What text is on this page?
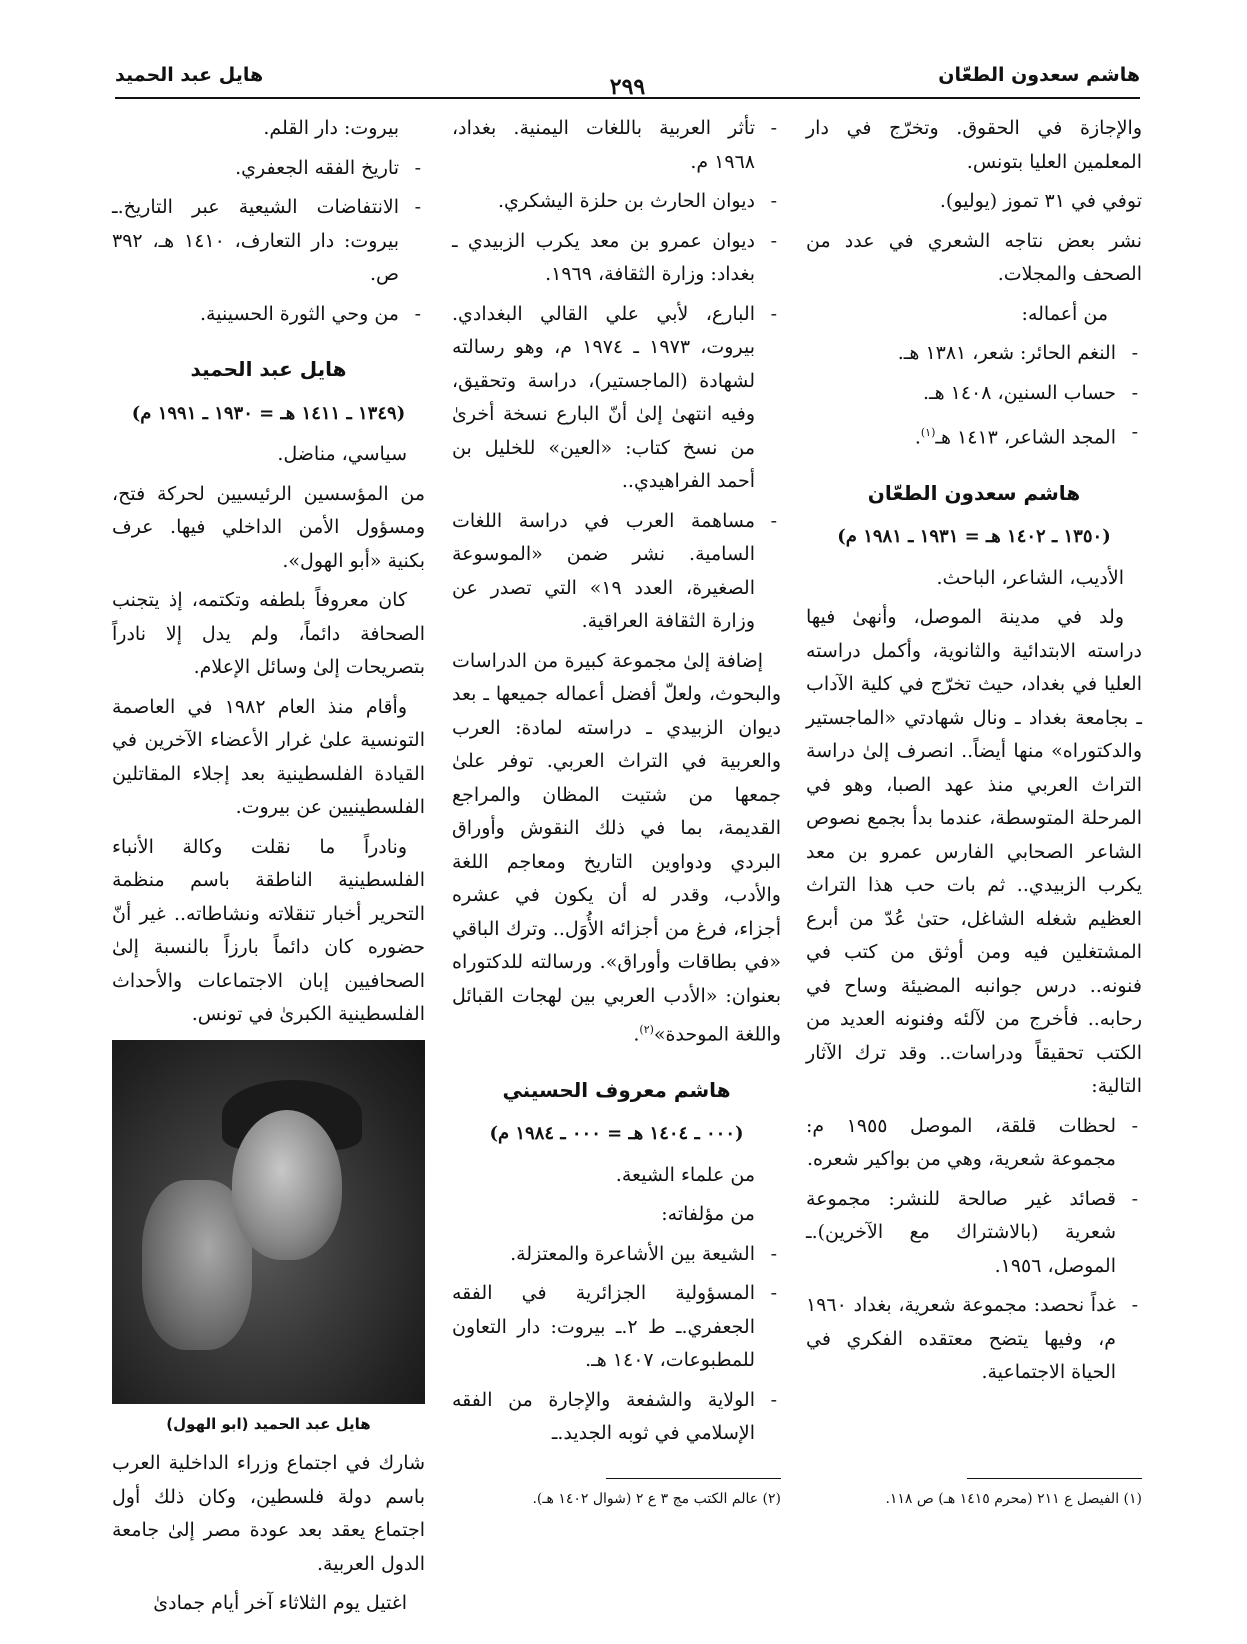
هاشم سعدون الطعّان
٢٩٩
هايل عبد الحميد

والإجازة في الحقوق. وتخرّج في دار المعلمين العليا بتونس.

توفي في ٣١ تموز (يوليو).

نشر بعض نتاجه الشعري في عدد من الصحف والمجلات.

من أعماله:

- النغم الحائر: شعر، ١٣٨١ هـ.
- حساب السنين، ١٤٠٨ هـ.
- المجد الشاعر، ١٤١٣ هـ$^{(١)}$.
هاشم سعدون الطعّان
(١٣٥٠ ـ ١٤٠٢ هـ = ١٩٣١ ـ ١٩٨١ م)

الأديب، الشاعر، الباحث.

ولد في مدينة الموصل، وأنهىٰ فيها دراسته الابتدائية والثانوية، وأكمل دراسته العليا في بغداد، حيث تخرّج في كلية الآداب ـ بجامعة بغداد ـ ونال شهادتي «الماجستير والدكتوراه» منها أيضاً.. انصرف إلىٰ دراسة التراث العربي منذ عهد الصبا، وهو في المرحلة المتوسطة، عندما بدأ بجمع نصوص الشاعر الصحابي الفارس عمرو بن معد يكرب الزبيدي.. ثم بات حب هذا التراث العظيم شغله الشاغل، حتىٰ عُدّ من أبرع المشتغلين فيه ومن أوثق من كتب في فنونه.. درس جوانبه المضيئة وساح في رحابه.. فأخرج من لآلئه وفنونه العديد من الكتب تحقيقاً ودراسات.. وقد ترك الآثار التالية:

- لحظات قلقة، الموصل ١٩٥٥ م: مجموعة شعرية، وهي من بواكير شعره.
- قصائد غير صالحة للنشر: مجموعة شعرية (بالاشتراك مع الآخرين).ـ الموصل، ١٩٥٦.
- غداً نحصد: مجموعة شعرية، بغداد ١٩٦٠ م، وفيها يتضح معتقده الفكري في الحياة الاجتماعية.
- تأثر العربية باللغات اليمنية. بغداد، ١٩٦٨ م.
- ديوان الحارث بن حلزة اليشكري.
- ديوان عمرو بن معد يكرب الزبيدي ـ بغداد: وزارة الثقافة، ١٩٦٩.
- البارع، لأبي علي القالي البغدادي. بيروت، ١٩٧٣ ـ ١٩٧٤ م، وهو رسالته لشهادة (الماجستير)، دراسة وتحقيق، وفيه انتهىٰ إلىٰ أنّ البارع نسخة أخرىٰ من نسخ كتاب: «العين» للخليل بن أحمد الفراهيدي..
- مساهمة العرب في دراسة اللغات السامية. نشر ضمن «الموسوعة الصغيرة، العدد ١٩» التي تصدر عن وزارة الثقافة العراقية.

إضافة إلىٰ مجموعة كبيرة من الدراسات والبحوث، ولعلّ أفضل أعماله جميعها ـ بعد ديوان الزبيدي ـ دراسته لمادة: العرب والعربية في التراث العربي. توفر علىٰ جمعها من شتيت المظان والمراجع القديمة، بما في ذلك النقوش وأوراق البردي ودواوين التاريخ ومعاجم اللغة والأدب، وقدر له أن يكون في عشره أجزاء، فرغ من أجزائه الأُوَل.. وترك الباقي «في بطاقات وأوراق». ورسالته للدكتوراه بعنوان: «الأدب العربي بين لهجات القبائل واللغة الموحدة»$^{(٢)}$.

هاشم معروف الحسيني
(٠٠٠ ـ ١٤٠٤ هـ = ٠٠٠ ـ ١٩٨٤ م)

من علماء الشيعة.

من مؤلفاته:

- الشيعة بين الأشاعرة والمعتزلة.
- المسؤولية الجزائرية في الفقه الجعفري.ـ ط ٢.ـ بيروت: دار التعاون للمطبوعات، ١٤٠٧ هـ.
- الولاية والشفعة والإجارة من الفقه الإسلامي في ثوبه الجديد.ـ

بيروت: دار القلم.

- تاريخ الفقه الجعفري.
- الانتفاضات الشيعية عبر التاريخ.ـ بيروت: دار التعارف، ١٤١٠ هـ، ٣٩٢ ص.
- من وحي الثورة الحسينية.
هايل عبد الحميد
(١٣٤٩ ـ ١٤١١ هـ = ١٩٣٠ ـ ١٩٩١ م)

سياسي، مناضل.

من المؤسسين الرئيسيين لحركة فتح، ومسؤول الأمن الداخلي فيها. عرف بكنية «أبو الهول».

كان معروفاً بلطفه وتكتمه، إذ يتجنب الصحافة دائماً، ولم يدل إلا نادراً بتصريحات إلىٰ وسائل الإعلام.

وأقام منذ العام ١٩٨٢ في العاصمة التونسية علىٰ غرار الأعضاء الآخرين في القيادة الفلسطينية بعد إجلاء المقاتلين الفلسطينيين عن بيروت.

ونادراً ما نقلت وكالة الأنباء الفلسطينية الناطقة باسم منظمة التحرير أخبار تنقلاته ونشاطاته.. غير أنّ حضوره كان دائماً بارزاً بالنسبة إلىٰ الصحافيين إبان الاجتماعات والأحداث الفلسطينية الكبرىٰ في تونس.

هايل عبد الحميد (ابو الهول)

شارك في اجتماع وزراء الداخلية العرب باسم دولة فلسطين، وكان ذلك أول اجتماع يعقد بعد عودة مصر إلىٰ جامعة الدول العربية.

اغتيل يوم الثلاثاء آخر أيام جمادىٰ

(١) الفيصل ع ٢١١ (محرم ١٤١٥ هـ) ص ١١٨.
(٢) عالم الكتب مج ٣ ع ٢ (شوال ١٤٠٢ هـ).
